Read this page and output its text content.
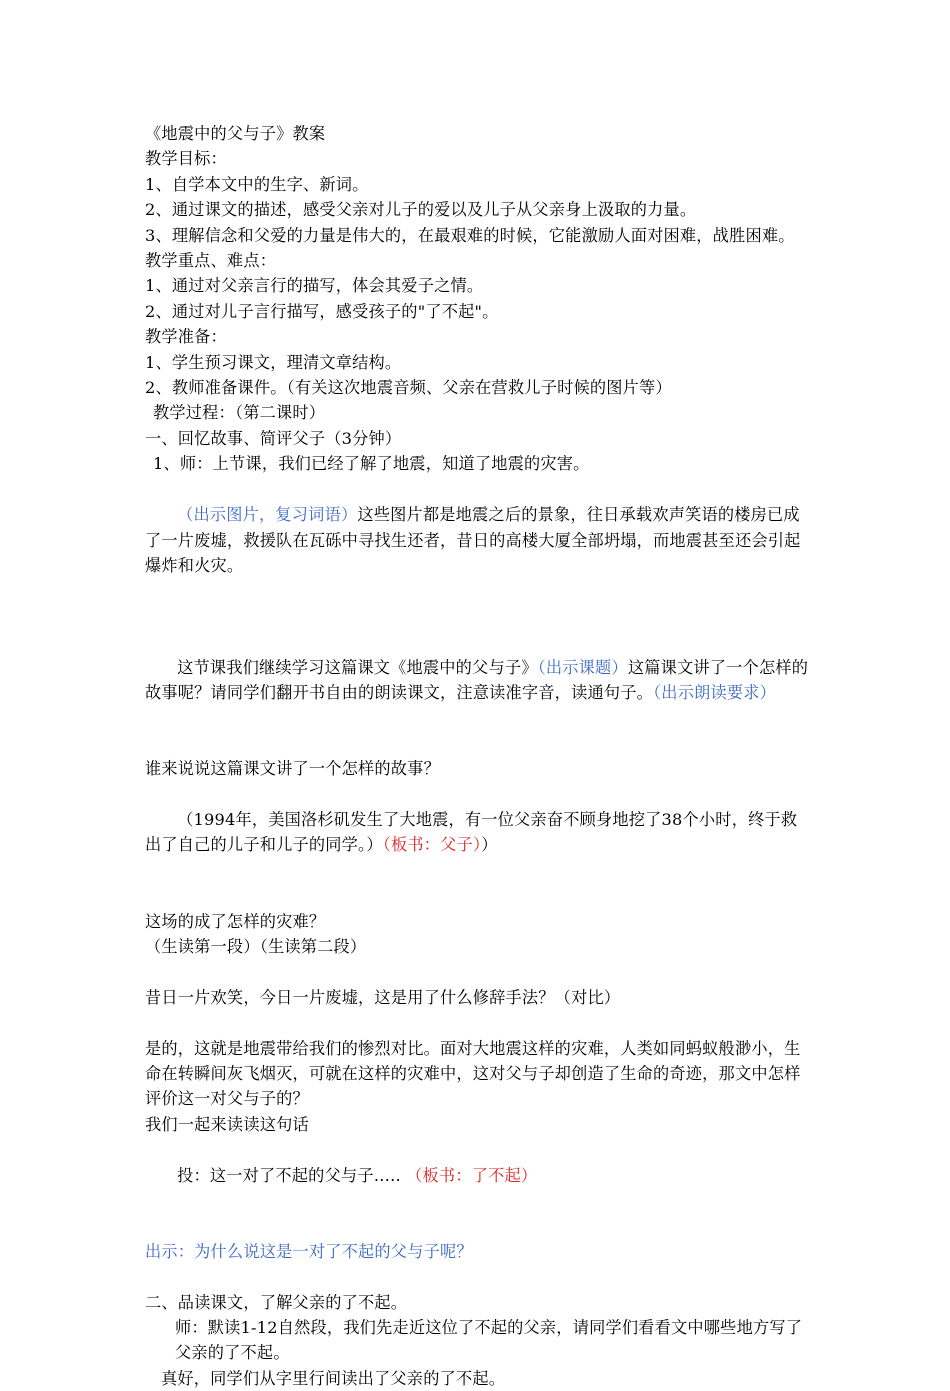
《地震中的父与子》教案
教学目标：
1、自学本文中的生字、新词。
2、通过课文的描述，感受父亲对儿子的爱以及儿子从父亲身上汲取的力量。
3、理解信念和父爱的力量是伟大的，在最艰难的时候，它能激励人面对困难，战胜困难。
教学重点、难点：
1、通过对父亲言行的描写，体会其爱子之情。
2、通过对儿子言行描写，感受孩子的"了不起"。
教学准备：
1、学生预习课文，理清文章结构。
2、教师准备课件。（有关这次地震音频、父亲在营救儿子时候的图片等）
教学过程：（第二课时）
一、回忆故事、简评父子（3分钟）
1、师：上节课，我们已经了解了地震，知道了地震的灾害。

（出示图片，复习词语）这些图片都是地震之后的景象，往日承载欢声笑语的楼房已成了一片废墟，救援队在瓦砾中寻找生还者，昔日的高楼大厦全部坍塌，而地震甚至还会引起爆炸和火灾。

这节课我们继续学习这篇课文《地震中的父与子》（出示课题）这篇课文讲了一个怎样的故事呢？请同学们翻开书自由的朗读课文，注意读准字音，读通句子。（出示朗读要求）

谁来说说这篇课文讲了一个怎样的故事？

（1994年，美国洛杉矶发生了大地震，有一位父亲奋不顾身地挖了38个小时，终于救出了自己的儿子和儿子的同学。）（板书：父子））

这场的成了怎样的灾难？
（生读第一段）（生读第二段）
昔日一片欢笑，今日一片废墟，这是用了什么修辞手法？（对比）
是的，这就是地震带给我们的惨烈对比。面对大地震这样的灾难，人类如同蚂蚁般渺小，生命在转瞬间灰飞烟灭，可就在这样的灾难中，这对父与子却创造了生命的奇迹，那文中怎样评价这一对父与子的？
我们一起来读读这句话

投：这一对了不起的父与子….. （板书：了不起）

出示：为什么说这是一对了不起的父与子呢？
二、品读课文，了解父亲的了不起。
师：默读1-12自然段，我们先走近这位了不起的父亲，请同学们看看文中哪些地方写了父亲的了不起。
真好，同学们从字里行间读出了父亲的了不起。
